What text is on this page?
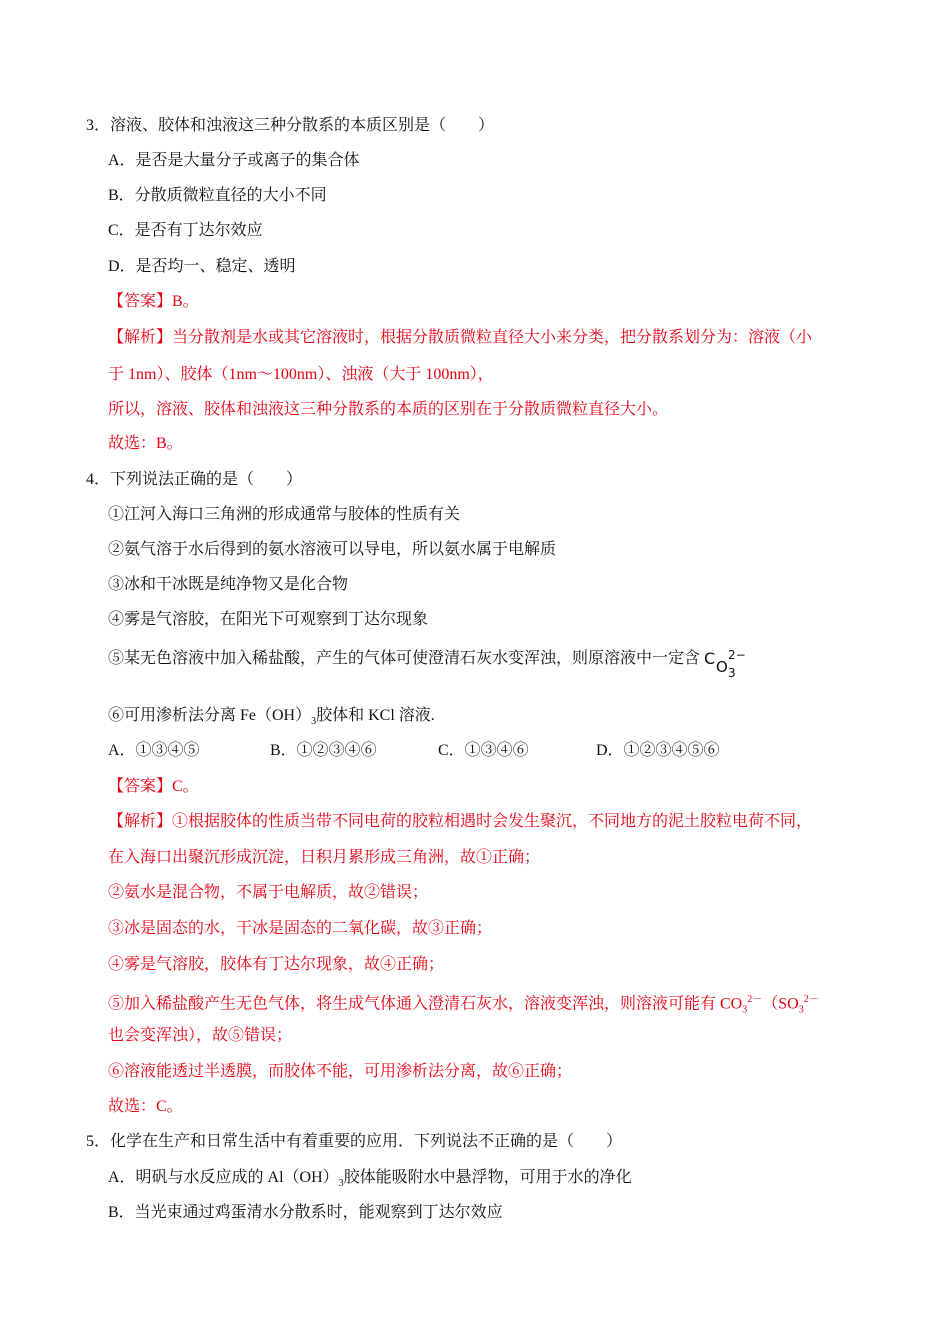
3．溶液、胶体和浊液这三种分散系的本质区别是（　　）
A．是否是大量分子或离子的集合体
B．分散质微粒直径的大小不同
C．是否有丁达尔效应
D．是否均一、稳定、透明
【答案】B。
【解析】当分散剂是水或其它溶液时，根据分散质微粒直径大小来分类，把分散系划分为：溶液（小
于 1nm）、胶体（1nm～100nm）、浊液（大于 100nm），
所以，溶液、胶体和浊液这三种分散系的本质的区别在于分散质微粒直径大小。
故选：B。
4．下列说法正确的是（　　）
①江河入海口三角洲的形成通常与胶体的性质有关
②氨气溶于水后得到的氨水溶液可以导电，所以氨水属于电解质
③冰和干冰既是纯净物又是化合物
④雾是气溶胶，在阳光下可观察到丁达尔现象
⑤某无色溶液中加入稀盐酸，产生的气体可使澄清石灰水变浑浊，则原溶液中一定含 C O 3
2−
⑥可用渗析法分离 $Fe(OH)_3$胶体和 KCl 溶液.
A．①③④⑤	B．①②③④⑥	C．①③④⑥	D．①②③④⑤⑥
【答案】C。
【解析】①根据胶体的性质当带不同电荷的胶粒相遇时会发生聚沉，不同地方的泥土胶粒电荷不同，
在入海口出聚沉形成沉淀，日积月累形成三角洲，故①正确；
②氨水是混合物，不属于电解质，故②错误；
③冰是固态的水，干冰是固态的二氧化碳，故③正确；
④雾是气溶胶，胶体有丁达尔现象，故④正确；
⑤加入稀盐酸产生无色气体，将生成气体通入澄清石灰水，溶液变浑浊，则溶液可能有 $CO_3^{2-}(SO_3^{2-}$
也会变浑浊），故⑤错误；
⑥溶液能透过半透膜，而胶体不能，可用渗析法分离，故⑥正确；
故选：C。
5．化学在生产和日常生活中有着重要的应用．下列说法不正确的是（　　）
A．明矾与水反应成的 $Al(OH)_3$胶体能吸附水中悬浮物，可用于水的净化
B．当光束通过鸡蛋清水分散系时，能观察到丁达尔效应
